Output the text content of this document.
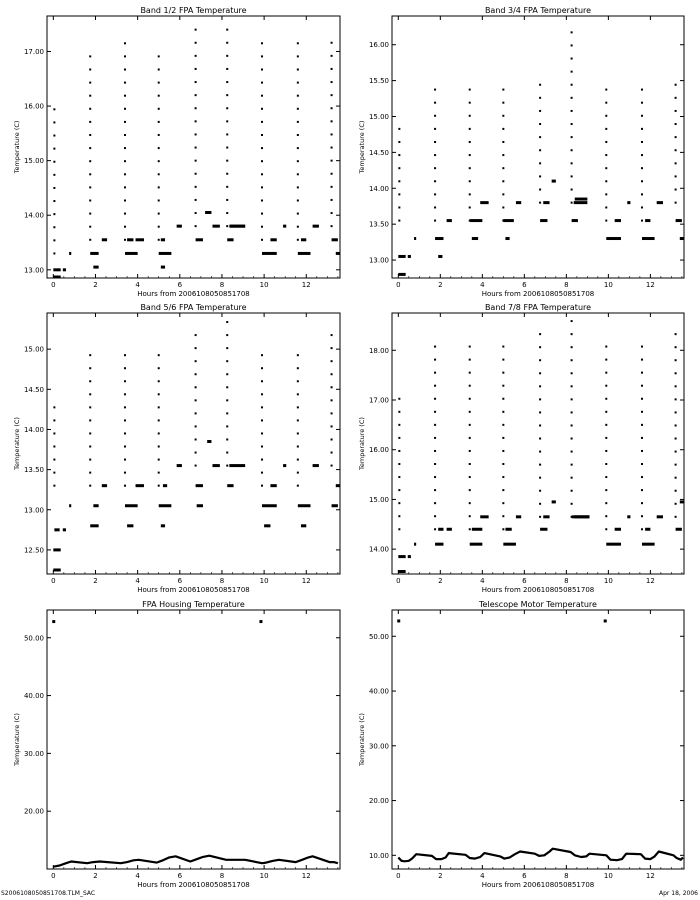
Band 1/2 FPA Temperature
0	2	4	6	8	10	12
13.00
14.00
15.00
16.00
17.00
Hours from 2006108050851708
Temperature (C)
Band 3/4 FPA Temperature
0	2	4	6	8	10	12
13.00
13.50
14.00
14.50
15.00
15.50
16.00
Hours from 2006108050851708
Temperature (C)
Band 5/6 FPA Temperature
0	2	4	6	8	10	12
12.50
13.00
13.50
14.00
14.50
15.00
Hours from 2006108050851708
Temperature (C)
Band 7/8 FPA Temperature
0	2	4	6	8	10	12
14.00
15.00
16.00
17.00
18.00
Hours from 2006108050851708
Temperature (C)
FPA Housing Temperature
0	2	4	6	8	10	12
20.00
30.00
40.00
50.00
Hours from 2006108050851708
Temperature (C)
Telescope Motor Temperature
0	2	4	6	8	10	12
10.00
20.00
30.00
40.00
50.00
Hours from 2006108050851708
Temperature (C)
S2006108050851708.TLM_SAC	Apr 18, 2006
